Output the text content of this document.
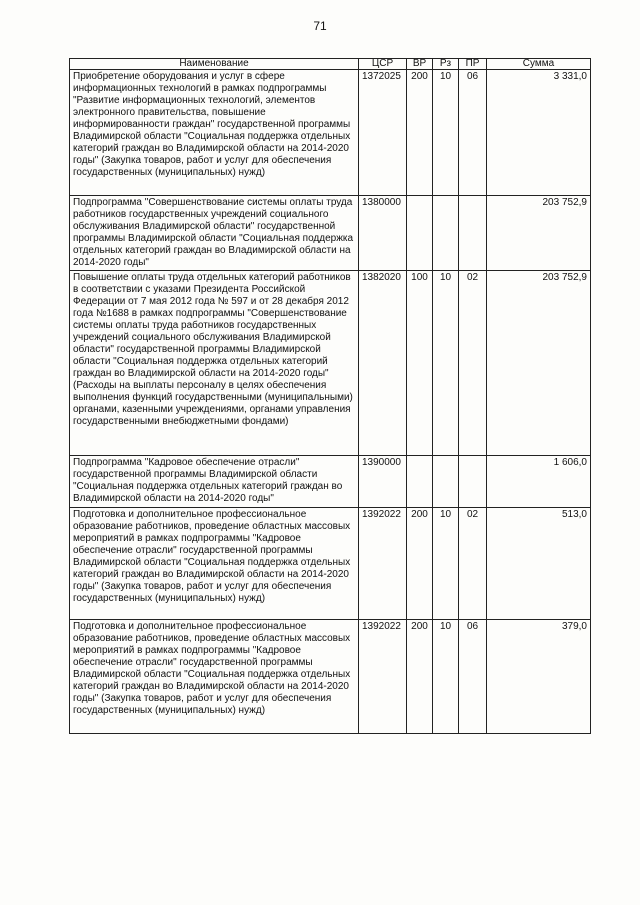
71
Наименование	ЦСР	ВР	Рз	ПР	Сумма
Приобретение оборудования и услуг в сфере информационных технологий в рамках подпрограммы "Развитие информационных технологий, элементов электронного правительства, повышение информированности граждан" государственной программы Владимирской области "Социальная поддержка отдельных категорий граждан во Владимирской области на 2014-2020 годы" (Закупка товаров, работ и услуг для обеспечения государственных (муниципальных) нужд)	1372025	200	10	06	3 331,0
Подпрограмма "Совершенствование системы оплаты труда работников государственных учреждений социального обслуживания Владимирской области" государственной программы Владимирской области "Социальная поддержка отдельных категорий граждан во Владимирской области на 2014-2020 годы"	1380000				203 752,9
Повышение оплаты труда отдельных категорий работников в соответствии с указами Президента Российской Федерации от 7 мая 2012 года № 597 и от 28 декабря 2012 года №1688 в рамках подпрограммы "Совершенствование системы оплаты труда работников государственных учреждений социального обслуживания Владимирской области" государственной программы Владимирской области "Социальная поддержка отдельных категорий граждан во Владимирской области на 2014-2020 годы" (Расходы на выплаты персоналу в целях обеспечения выполнения функций государственными (муниципальными) органами, казенными учреждениями, органами управления государственными внебюджетными фондами)	1382020	100	10	02	203 752,9
Подпрограмма "Кадровое обеспечение отрасли" государственной программы Владимирской области "Социальная поддержка отдельных категорий граждан во Владимирской области на 2014-2020 годы"	1390000				1 606,0
Подготовка и дополнительное профессиональное образование работников, проведение областных массовых мероприятий в рамках подпрограммы "Кадровое обеспечение отрасли" государственной программы Владимирской области "Социальная поддержка отдельных категорий граждан во Владимирской области на 2014-2020 годы" (Закупка товаров, работ и услуг для обеспечения государственных (муниципальных) нужд)	1392022	200	10	02	513,0
Подготовка и дополнительное профессиональное образование работников, проведение областных массовых мероприятий в рамках подпрограммы "Кадровое обеспечение отрасли" государственной программы Владимирской области "Социальная поддержка отдельных категорий граждан во Владимирской области на 2014-2020 годы" (Закупка товаров, работ и услуг для обеспечения государственных (муниципальных) нужд)	1392022	200	10	06	379,0
